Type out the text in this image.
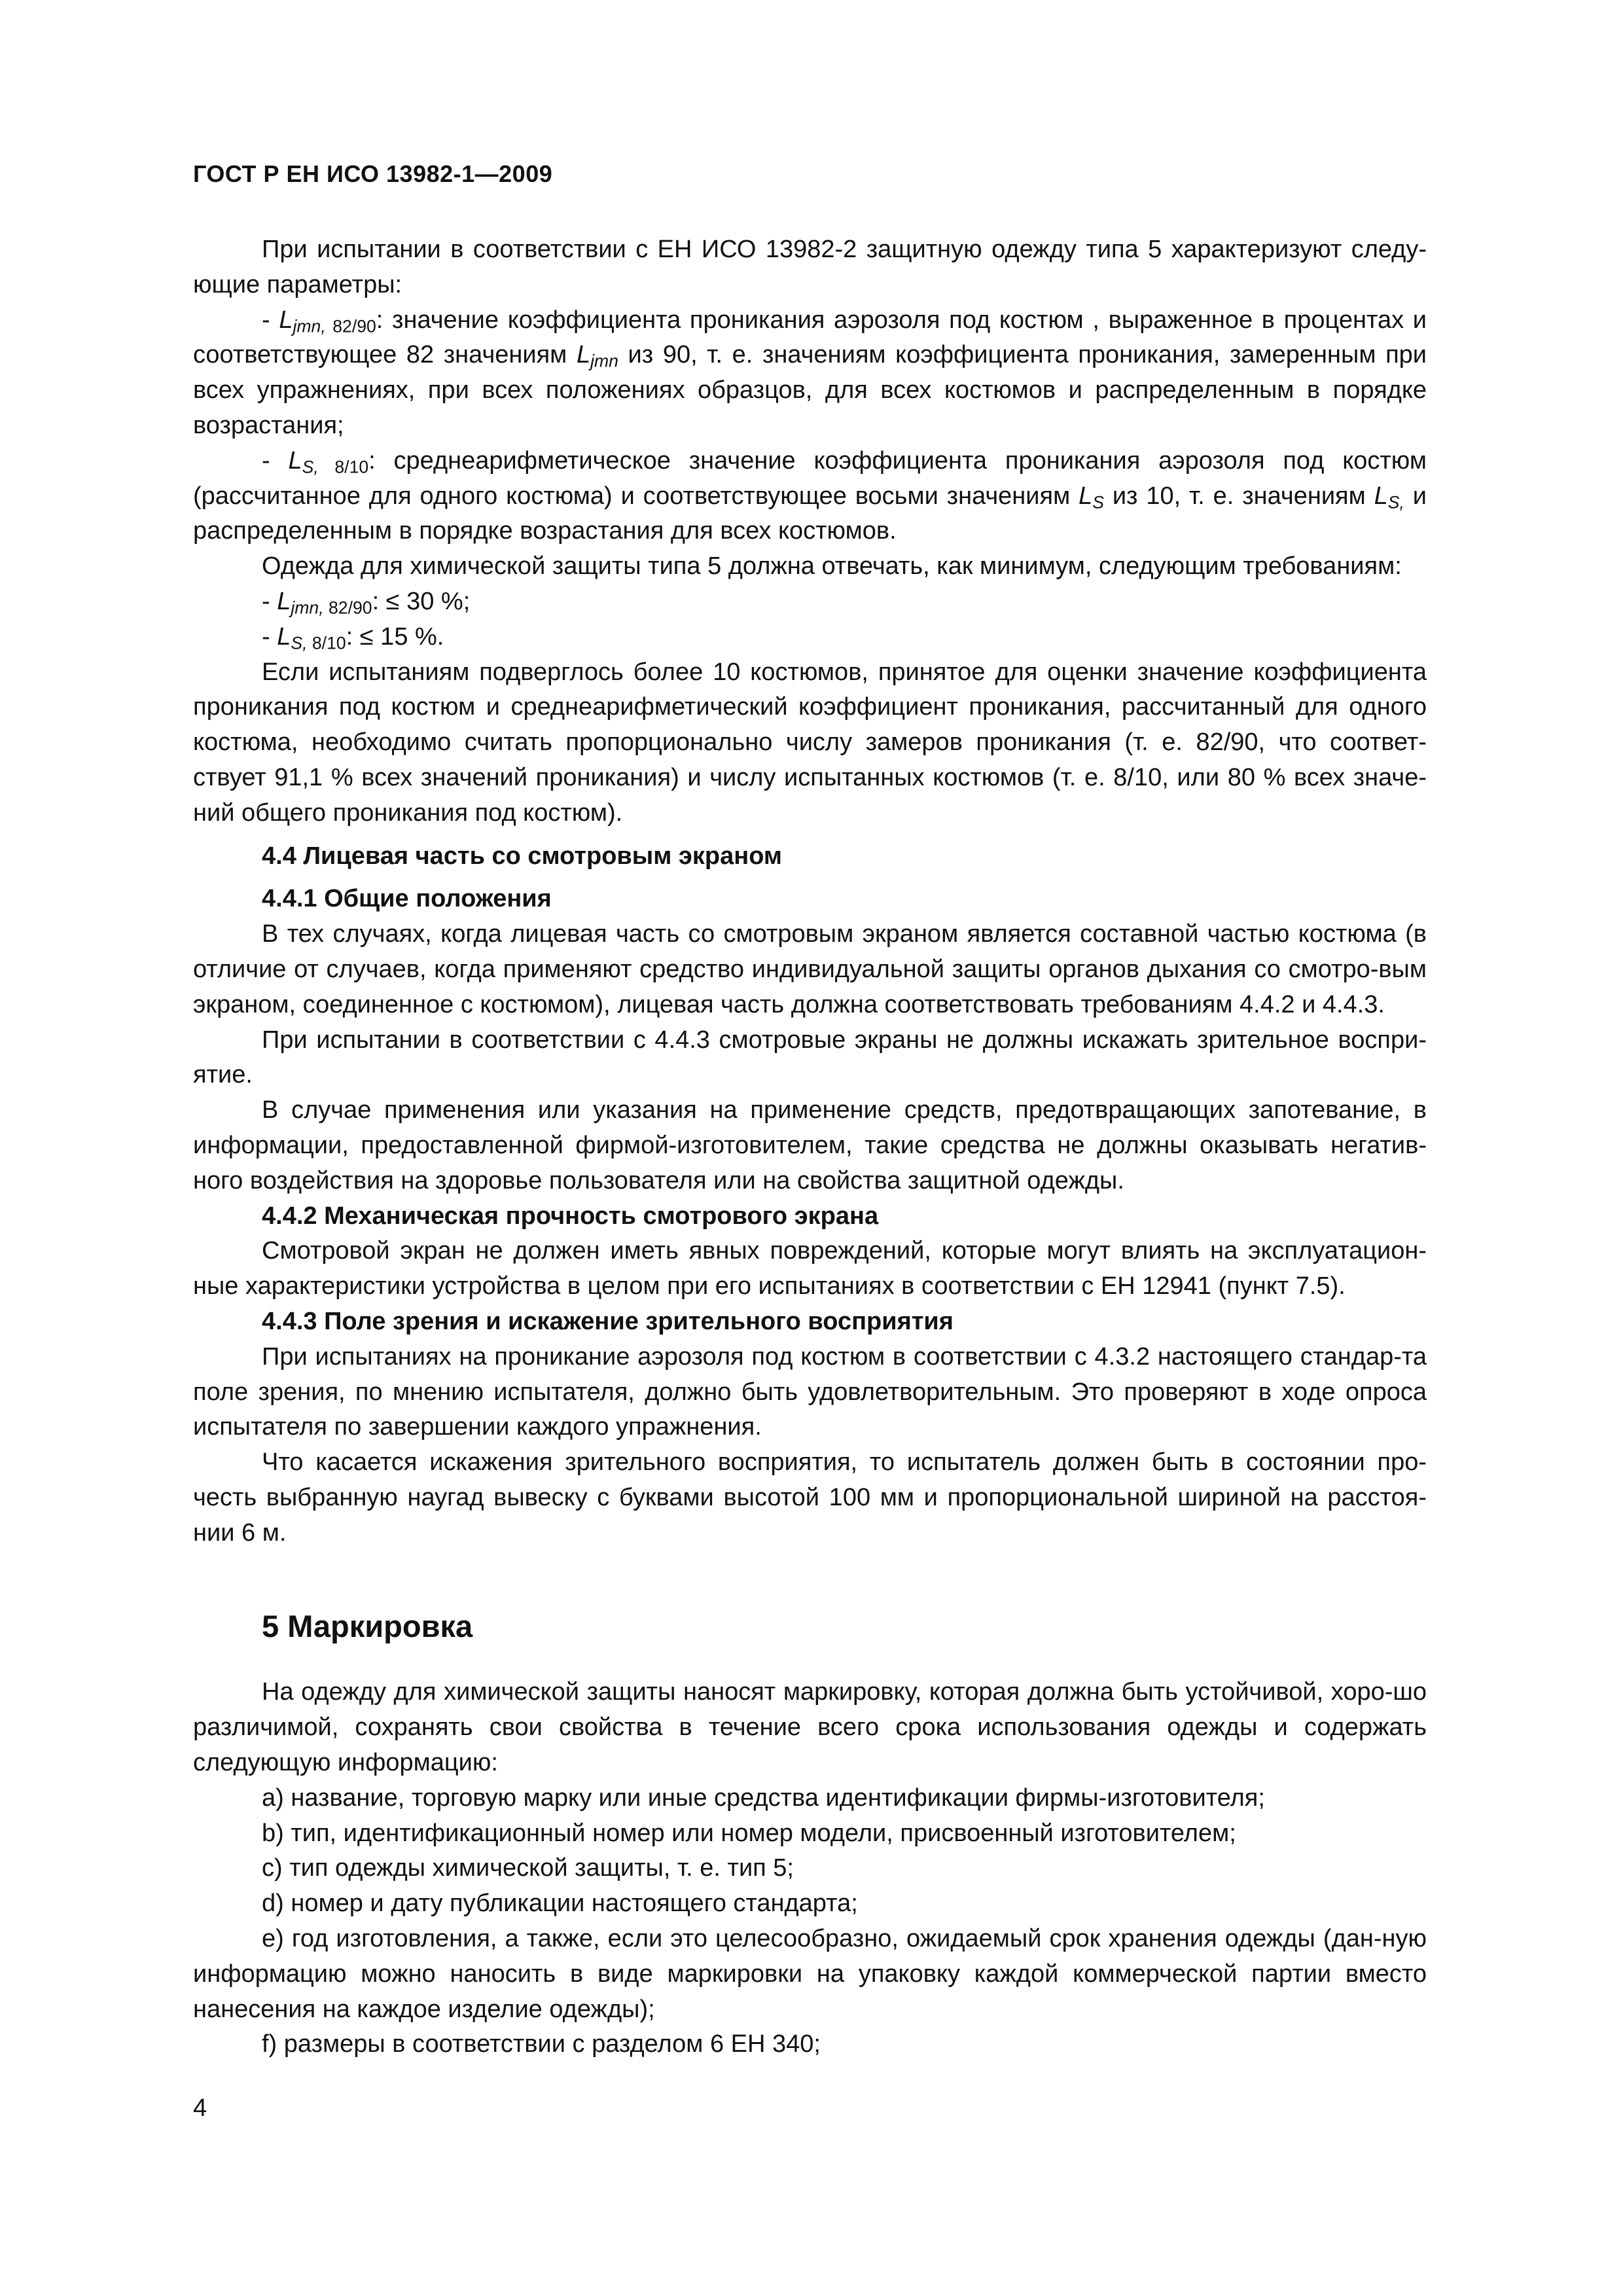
ГОСТ Р ЕН ИСО 13982-1—2009

При испытании в соответствии с ЕН ИСО 13982-2 защитную одежду типа 5 характеризуют следу-ющие параметры:

- $L_{jmn, 82/90}$: значение коэффициента проникания аэрозоля под костюм , выраженное в процентах и соответствующее 82 значениям $L_{jmn}$ из 90, т. е. значениям коэффициента проникания, замеренным при всех упражнениях, при всех положениях образцов, для всех костюмов и распределенным в порядке возрастания;

- $L_{S, 8/10}$: среднеарифметическое значение коэффициента проникания аэрозоля под костюм (рассчитанное для одного костюма) и соответствующее восьми значениям $L_S$ из 10, т. е. значениям $L_{S,}$ и распределенным в порядке возрастания для всех костюмов.

Одежда для химической защиты типа 5 должна отвечать, как минимум, следующим требованиям:

- $L_{jmn, 82/90}$: ≤ 30 %;

- $L_{S, 8/10}$: ≤ 15 %.

Если испытаниям подверглось более 10 костюмов, принятое для оценки значение коэффициента проникания под костюм и среднеарифметический коэффициент проникания, рассчитанный для одного костюма, необходимо считать пропорционально числу замеров проникания (т. е. 82/90, что соответ-ствует 91,1 % всех значений проникания) и числу испытанных костюмов (т. е. 8/10, или 80 % всех значе-ний общего проникания под костюм).

4.4 Лицевая часть со смотровым экраном
4.4.1 Общие положения

В тех случаях, когда лицевая часть со смотровым экраном является составной частью костюма (в отличие от случаев, когда применяют средство индивидуальной защиты органов дыхания со смотро-вым экраном, соединенное с костюмом), лицевая часть должна соответствовать требованиям 4.4.2 и 4.4.3.

При испытании в соответствии с 4.4.3 смотровые экраны не должны искажать зрительное воспри-ятие.

В случае применения или указания на применение средств, предотвращающих запотевание, в информации, предоставленной фирмой-изготовителем, такие средства не должны оказывать негатив-ного воздействия на здоровье пользователя или на свойства защитной одежды.

4.4.2 Механическая прочность смотрового экрана

Смотровой экран не должен иметь явных повреждений, которые могут влиять на эксплуатацион-ные характеристики устройства в целом при его испытаниях в соответствии с ЕН 12941 (пункт 7.5).

4.4.3 Поле зрения и искажение зрительного восприятия

При испытаниях на проникание аэрозоля под костюм в соответствии с 4.3.2 настоящего стандар-та поле зрения, по мнению испытателя, должно быть удовлетворительным. Это проверяют в ходе опроса испытателя по завершении каждого упражнения.

Что касается искажения зрительного восприятия, то испытатель должен быть в состоянии про-честь выбранную наугад вывеску с буквами высотой 100 мм и пропорциональной шириной на расстоя-нии 6 м.

5 Маркировка

На одежду для химической защиты наносят маркировку, которая должна быть устойчивой, хоро-шо различимой, сохранять свои свойства в течение всего срока использования одежды и содержать следующую информацию:

a) название, торговую марку или иные средства идентификации фирмы-изготовителя;

b) тип, идентификационный номер или номер модели, присвоенный изготовителем;

c) тип одежды химической защиты, т. е. тип 5;

d) номер и дату публикации настоящего стандарта;

e) год изготовления, а также, если это целесообразно, ожидаемый срок хранения одежды (дан-ную информацию можно наносить в виде маркировки на упаковку каждой коммерческой партии вместо нанесения на каждое изделие одежды);

f) размеры в соответствии с разделом 6 ЕН 340;

4
